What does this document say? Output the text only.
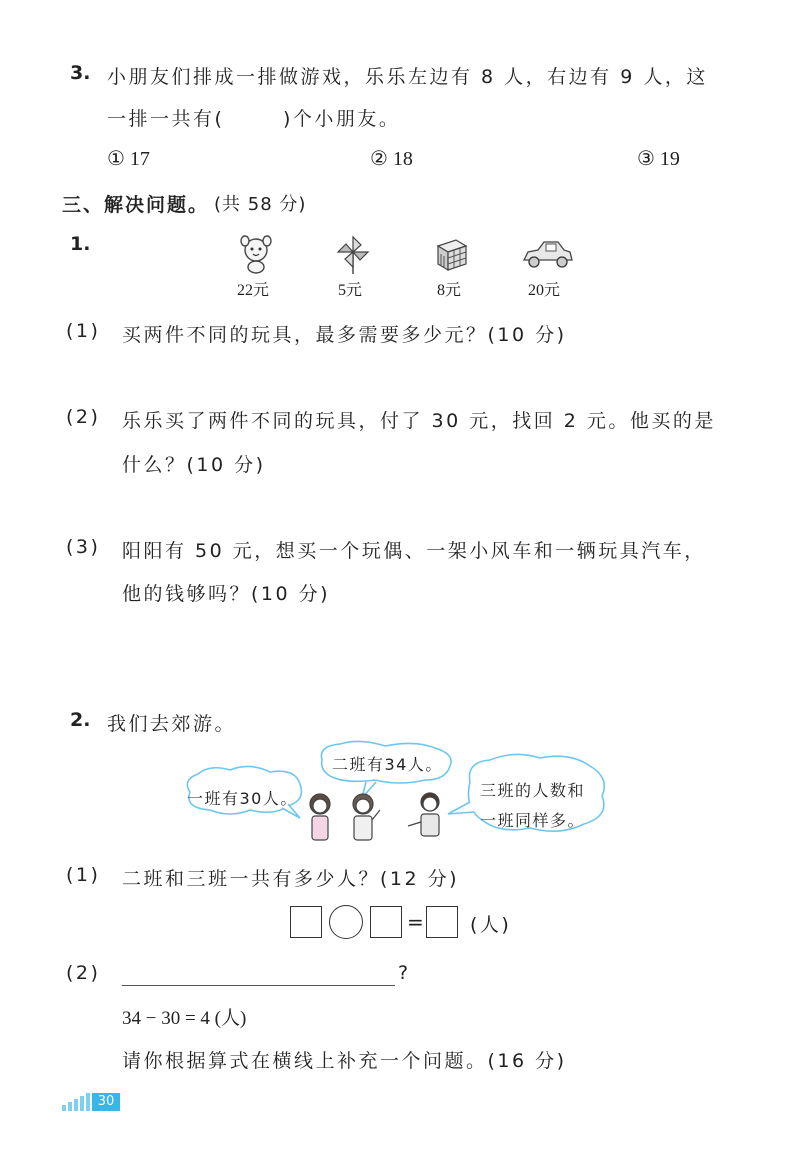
3. 小朋友们排成一排做游戏，乐乐左边有 8 人，右边有 9 人，这
一排一共有(	)个小朋友。
① 17	② 18	③ 19
三、解决问题。 (共 58 分)
1.
22元	5元	8元	20元
(1) 买两件不同的玩具，最多需要多少元？(10 分)
(2) 乐乐买了两件不同的玩具，付了 30 元，找回 2 元。他买的是
什么？(10 分)
(3) 阳阳有 50 元，想买一个玩偶、一架小风车和一辆玩具汽车，
他的钱够吗？(10 分)
2. 我们去郊游。
一班有30人。
二班有34人。
三班的人数和
一班同样多。
(1) 二班和三班一共有多少人？(12 分)
= (人)
(2)	?
34 − 30 = 4 (人)
请你根据算式在横线上补充一个问题。(16 分)
30
